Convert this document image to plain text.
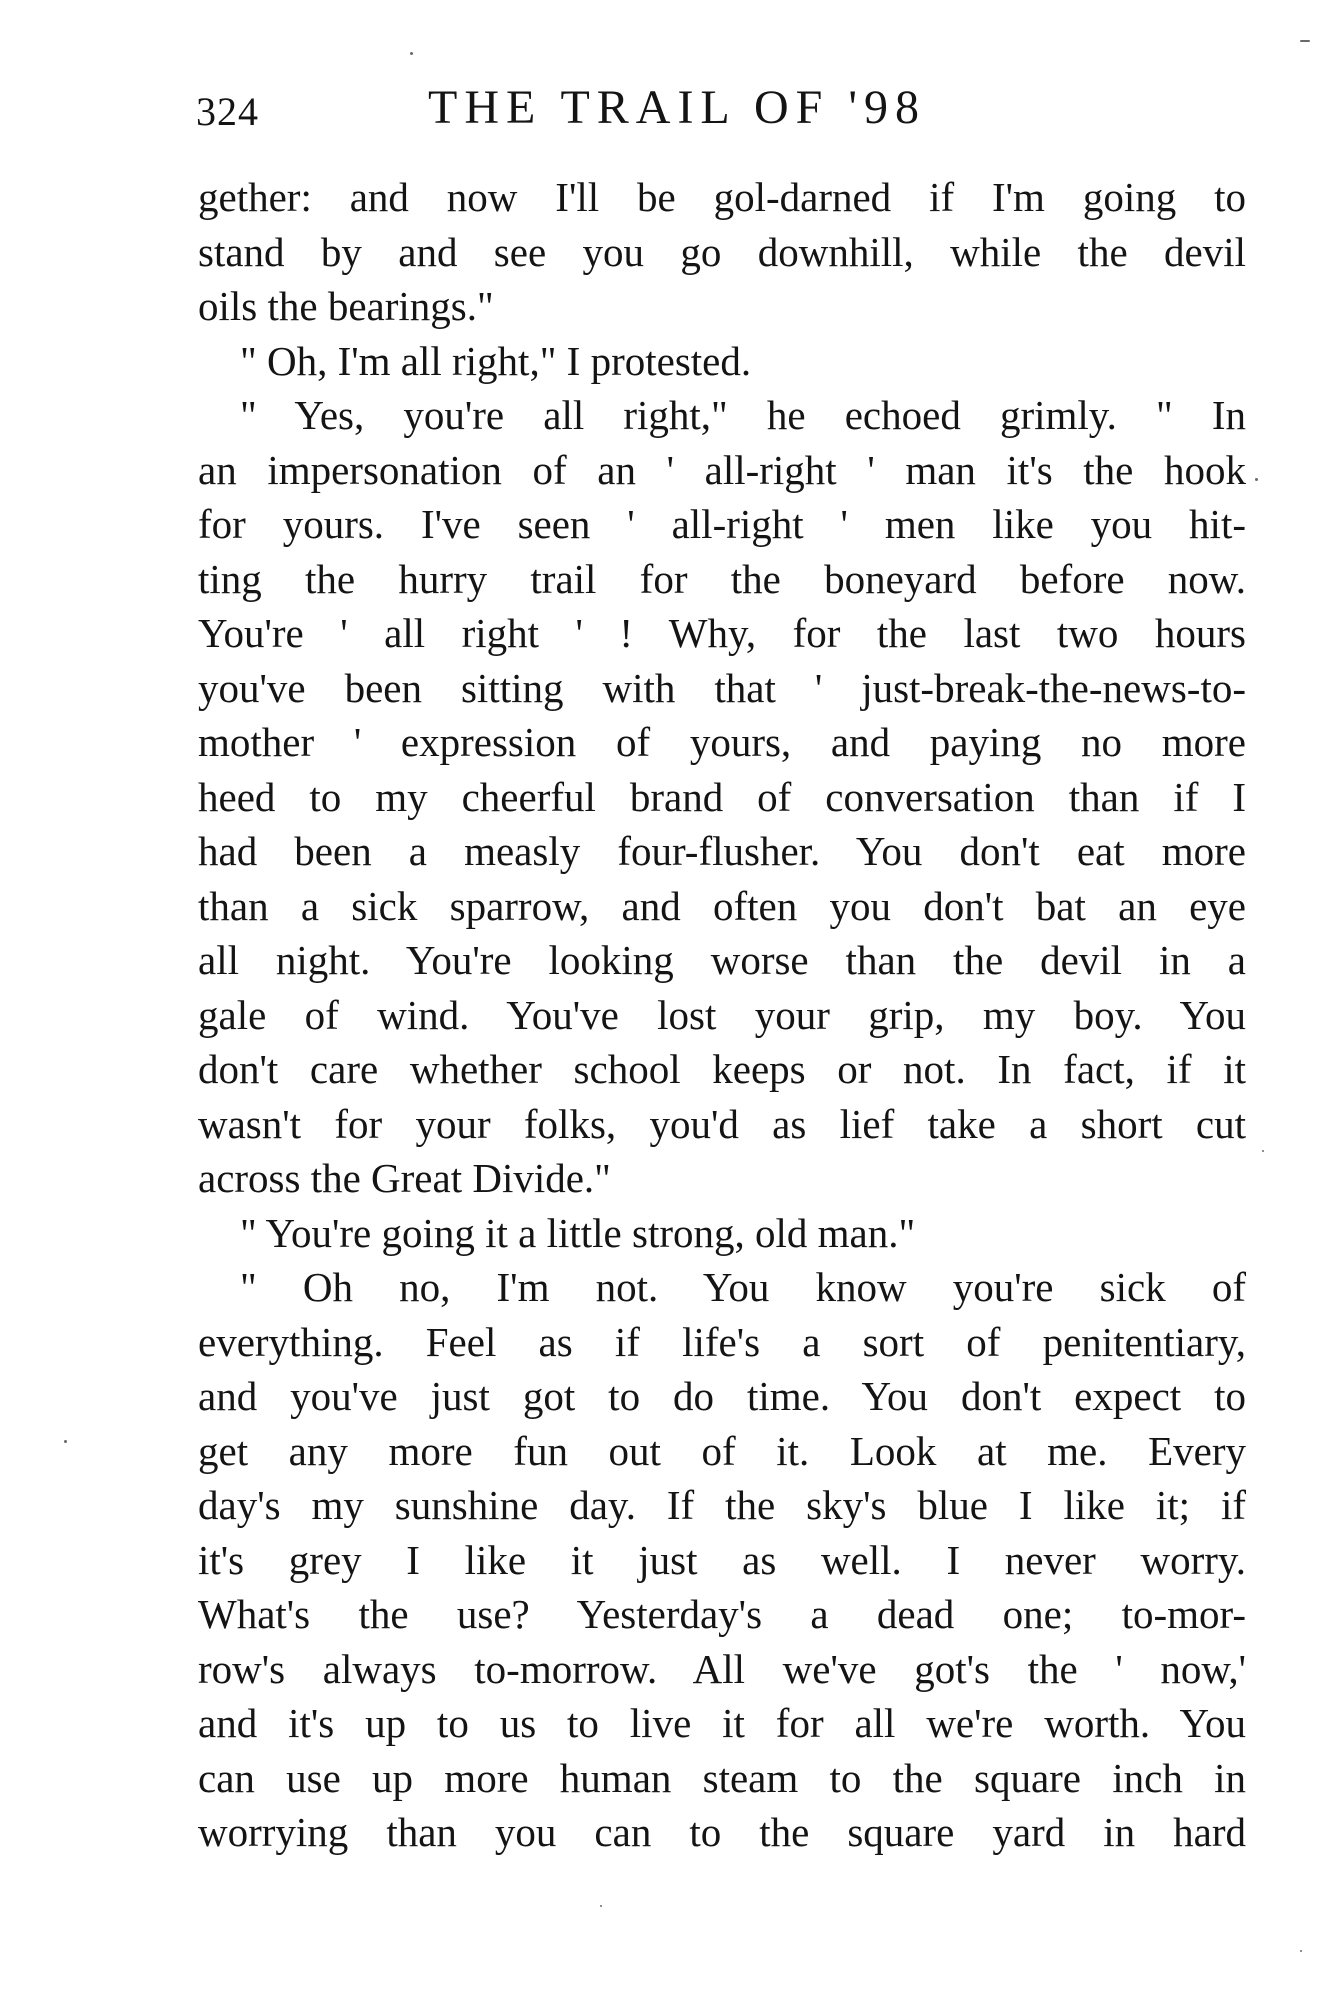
324	THE TRAIL OF '98
gether: and now I'll be gol-darned if I'm going to
stand by and see you go downhill, while the devil
oils the bearings."
" Oh, I'm all right," I protested.
" Yes, you're all right," he echoed grimly. " In
an impersonation of an ' all-right ' man it's the hook
for yours. I've seen ' all-right ' men like you hit-
ting the hurry trail for the boneyard before now.
You're ' all right ' ! Why, for the last two hours
you've been sitting with that ' just-break-the-news-to-
mother ' expression of yours, and paying no more
heed to my cheerful brand of conversation than if I
had been a measly four-flusher. You don't eat more
than a sick sparrow, and often you don't bat an eye
all night. You're looking worse than the devil in a
gale of wind. You've lost your grip, my boy. You
don't care whether school keeps or not. In fact, if it
wasn't for your folks, you'd as lief take a short cut
across the Great Divide."
" You're going it a little strong, old man."
" Oh no, I'm not. You know you're sick of
everything. Feel as if life's a sort of penitentiary,
and you've just got to do time. You don't expect to
get any more fun out of it. Look at me. Every
day's my sunshine day. If the sky's blue I like it; if
it's grey I like it just as well. I never worry.
What's the use? Yesterday's a dead one; to-mor-
row's always to-morrow. All we've got's the ' now,'
and it's up to us to live it for all we're worth. You
can use up more human steam to the square inch in
worrying than you can to the square yard in hard
